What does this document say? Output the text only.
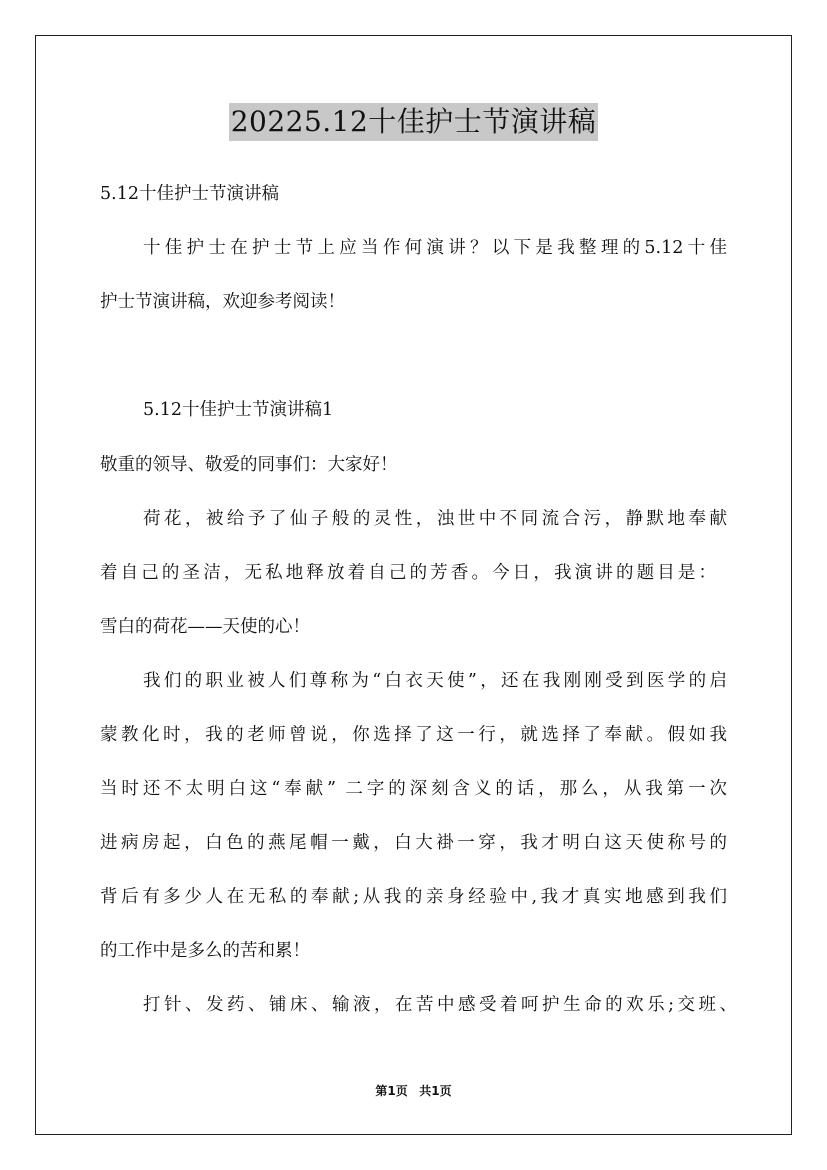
20225.12十佳护士节演讲稿
5.12十佳护士节演讲稿
十佳护士在护士节上应当作何演讲？以下是我整理的5.12十佳
护士节演讲稿，欢迎参考阅读！
5.12十佳护士节演讲稿1
敬重的领导、敬爱的同事们：大家好！
荷花，被给予了仙子般的灵性，浊世中不同流合污，静默地奉献
着自己的圣洁，无私地释放着自己的芳香。今日，我演讲的题目是：
雪白的荷花——天使的心！
我们的职业被人们尊称为“白衣天使”，还在我刚刚受到医学的启
蒙教化时，我的老师曾说，你选择了这一行，就选择了奉献。假如我
当时还不太明白这“奉献” 二字的深刻含义的话，那么，从我第一次
进病房起，白色的燕尾帽一戴，白大褂一穿，我才明白这天使称号的
背后有多少人在无私的奉献;从我的亲身经验中,我才真实地感到我们
的工作中是多么的苦和累！
打针、发药、铺床、输液，在苦中感受着呵护生命的欢乐;交班、
第1页 共1页
